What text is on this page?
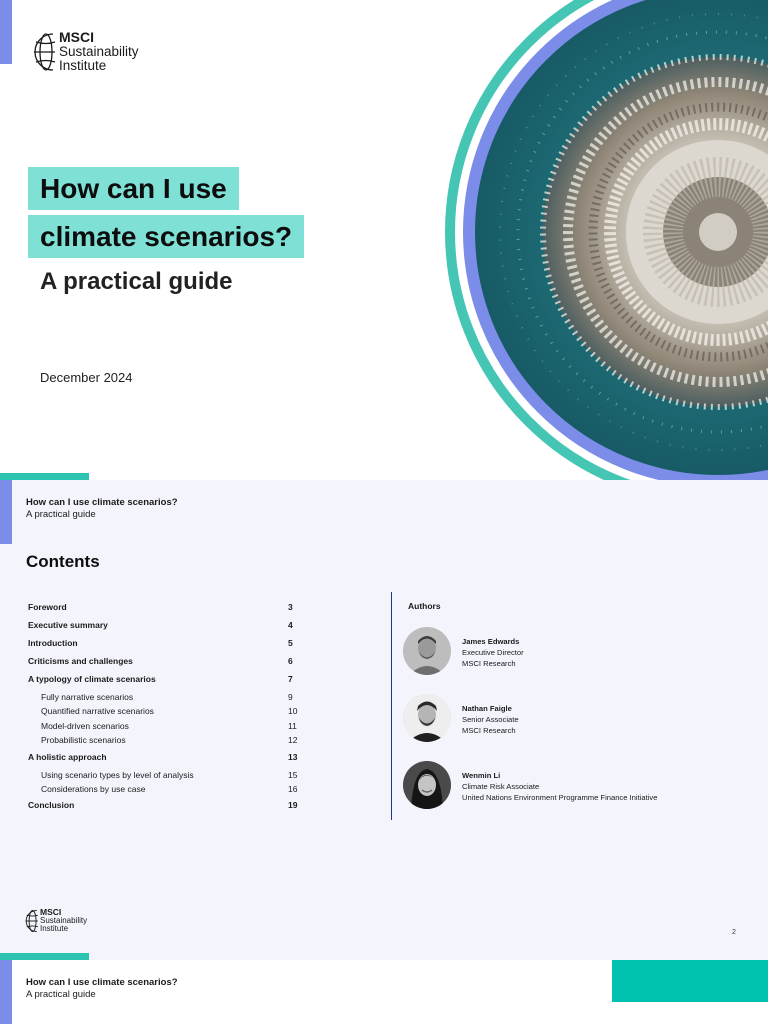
MSCI
Sustainability
Institute
How can I use
climate scenarios?
A practical guide
December 2024
How can I use climate scenarios?
A practical guide
Contents
Foreword	3
Executive summary	4
Introduction	5
Criticisms and challenges	6
A typology of climate scenarios	7
Fully narrative scenarios	9
Quantified narrative scenarios	10
Model-driven scenarios	11
Probabilistic scenarios	12
A holistic approach	13
Using scenario types by level of analysis	15
Considerations by use case	16
Conclusion	19
Authors
James Edwards
Executive Director
MSCI Research
Nathan Faigle
Senior Associate
MSCI Research
Wenmin Li
Climate Risk Associate
United Nations Environment Programme Finance Initiative
MSCI
Sustainability
Institute	2
How can I use climate scenarios?
A practical guide
